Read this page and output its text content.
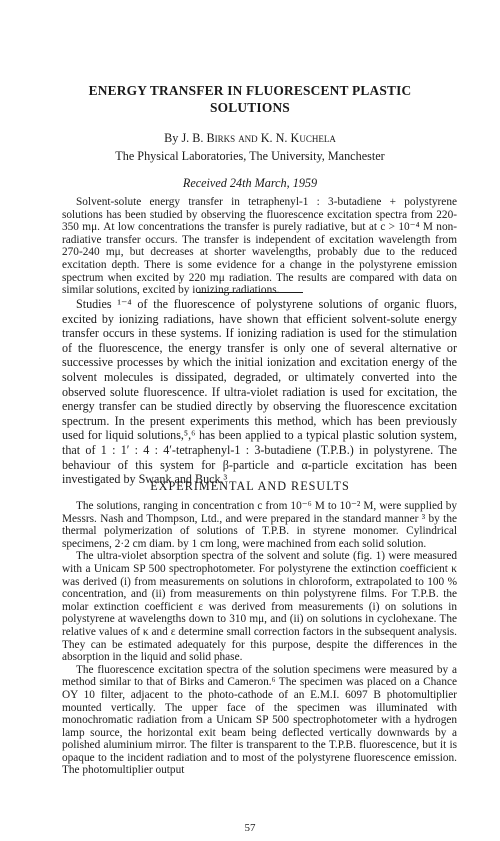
ENERGY TRANSFER IN FLUORESCENT PLASTIC SOLUTIONS
By J. B. Birks and K. N. Kuchela
The Physical Laboratories, The University, Manchester
Received 24th March, 1959

Solvent-solute energy transfer in tetraphenyl-1 : 3-butadiene + polystyrene solutions has been studied by observing the fluorescence excitation spectra from 220-350 mμ. At low concentrations the transfer is purely radiative, but at c > 10⁻⁴ M non-radiative transfer occurs. The transfer is independent of excitation wavelength from 270-240 mμ, but decreases at shorter wavelengths, probably due to the reduced excitation depth. There is some evidence for a change in the polystyrene emission spectrum when excited by 220 mμ radiation. The results are compared with data on similar solutions, excited by ionizing radiations.

Studies ¹⁻⁴ of the fluorescence of polystyrene solutions of organic fluors, excited by ionizing radiations, have shown that efficient solvent-solute energy transfer occurs in these systems. If ionizing radiation is used for the stimulation of the fluorescence, the energy transfer is only one of several alternative or successive processes by which the initial ionization and excitation energy of the solvent molecules is dissipated, degraded, or ultimately converted into the observed solute fluorescence. If ultra-violet radiation is used for excitation, the energy transfer can be studied directly by observing the fluorescence excitation spectrum. In the present experiments this method, which has been previously used for liquid solutions,⁵,⁶ has been applied to a typical plastic solution system, that of 1 : 1′ : 4 : 4′-tetraphenyl-1 : 3-butadiene (T.P.B.) in polystyrene. The behaviour of this system for β-particle and α-particle excitation has been investigated by Swank and Buck.³

EXPERIMENTAL AND RESULTS

The solutions, ranging in concentration c from 10⁻⁶ M to 10⁻² M, were supplied by Messrs. Nash and Thompson, Ltd., and were prepared in the standard manner ³ by the thermal polymerization of solutions of T.P.B. in styrene monomer. Cylindrical specimens, 2·2 cm diam. by 1 cm long, were machined from each solid solution.

The ultra-violet absorption spectra of the solvent and solute (fig. 1) were measured with a Unicam SP 500 spectrophotometer. For polystyrene the extinction coefficient κ was derived (i) from measurements on solutions in chloroform, extrapolated to 100 % concentration, and (ii) from measurements on thin polystyrene films. For T.P.B. the molar extinction coefficient ε was derived from measurements (i) on solutions in polystyrene at wavelengths down to 310 mμ, and (ii) on solutions in cyclohexane. The relative values of κ and ε determine small correction factors in the subsequent analysis. They can be estimated adequately for this purpose, despite the differences in the absorption in the liquid and solid phase.

The fluorescence excitation spectra of the solution specimens were measured by a method similar to that of Birks and Cameron.⁶ The specimen was placed on a Chance OY 10 filter, adjacent to the photo-cathode of an E.M.I. 6097 B photomultiplier mounted vertically. The upper face of the specimen was illuminated with monochromatic radiation from a Unicam SP 500 spectrophotometer with a hydrogen lamp source, the horizontal exit beam being deflected vertically downwards by a polished aluminium mirror. The filter is transparent to the T.P.B. fluorescence, but it is opaque to the incident radiation and to most of the polystyrene fluorescence emission. The photomultiplier output

57
